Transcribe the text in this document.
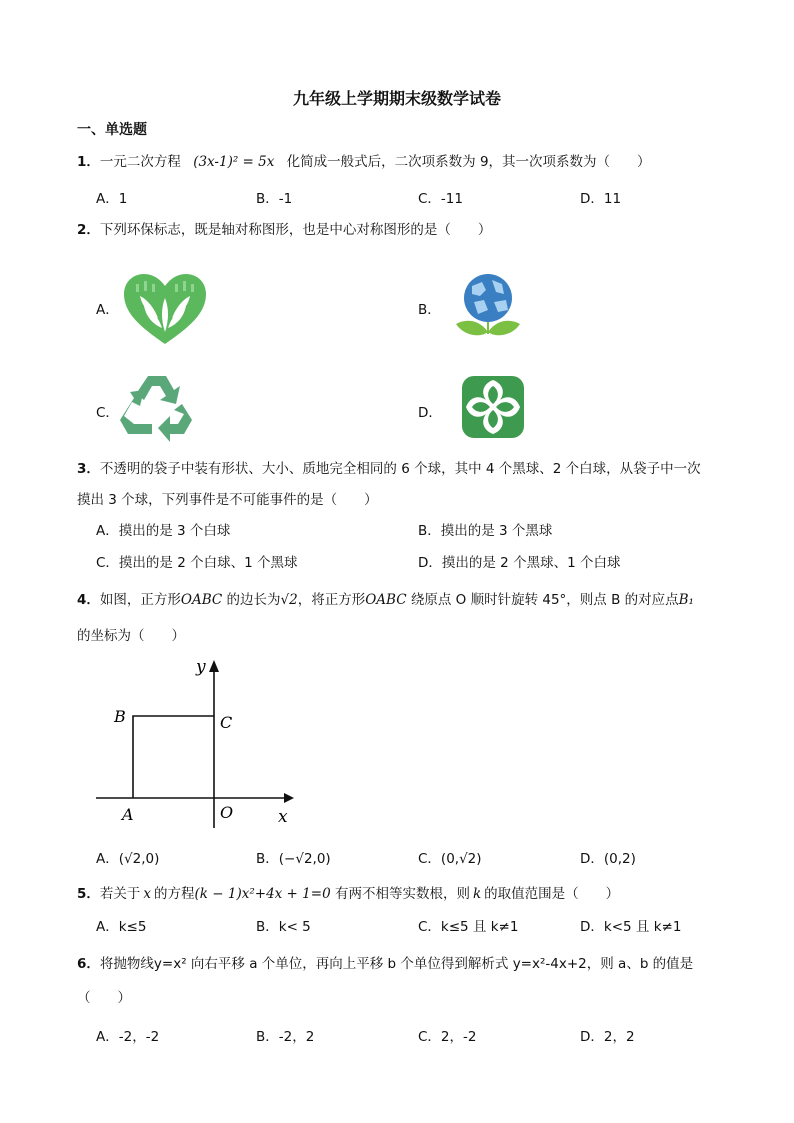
九年级上学期期末级数学试卷
一、单选题
1．一元二次方程 (3x-1)² = 5x 化简成一般式后，二次项系数为 9，其一次项系数为（　　）
A．1	B．-1	C．-11	D．11
2．下列环保标志，既是轴对称图形，也是中心对称图形的是（　　）
A．	B．
C．	D．
3．不透明的袋子中装有形状、大小、质地完全相同的 6 个球，其中 4 个黑球、2 个白球，从袋子中一次
摸出 3 个球，下列事件是不可能事件的是（　　）
A．摸出的是 3 个白球	B．摸出的是 3 个黑球
C．摸出的是 2 个白球、1 个黑球	D．摸出的是 2 个黑球、1 个白球
4．如图，正方形OABC 的边长为√2，将正方形OABC 绕原点 O 顺时针旋转 45°，则点 B 的对应点B₁
的坐标为（　　）
y
x
B	C
A	O
A．(√2,0)	B．(−√2,0)	C．(0,√2)	D．(0,2)
5．若关于 x 的方程(k − 1)x²+4x + 1=0 有两不相等实数根，则 k 的取值范围是（　　）
A．k≤5	B．k< 5	C．k≤5 且 k≠1	D．k<5 且 k≠1
6．将抛物线y=x² 向右平移 a 个单位，再向上平移 b 个单位得到解析式 y=x²-4x+2，则 a、b 的值是
（　　）
A．-2，-2	B．-2，2	C．2，-2	D．2，2
